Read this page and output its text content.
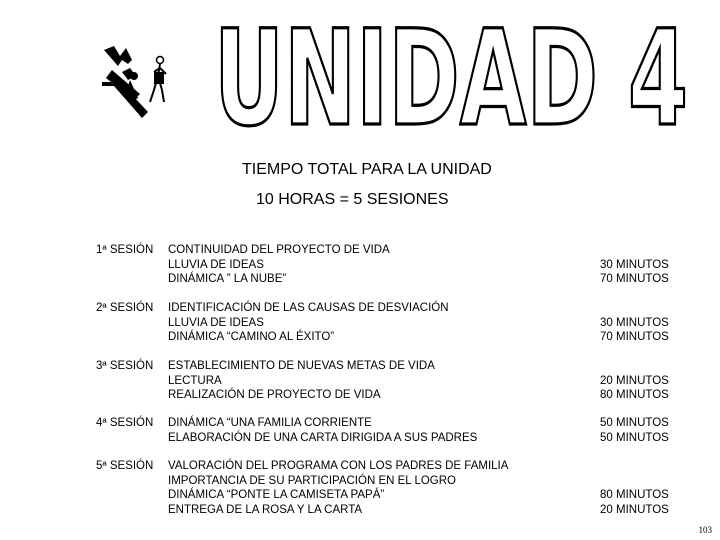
UNIDAD 4
TIEMPO TOTAL PARA LA UNIDAD
10 HORAS = 5 SESIONES
1ª SESIÓN CONTINUIDAD DEL PROYECTO DE VIDA
LLUVIA DE IDEAS
DINÁMICA ” LA NUBE”
30 MINUTOS
70 MINUTOS
2ª SESIÓN IDENTIFICACIÓN DE LAS CAUSAS DE DESVIACIÓN
LLUVIA DE IDEAS
DINÁMICA “CAMINO AL ÉXITO”
30 MINUTOS
70 MINUTOS
3ª SESIÓN ESTABLECIMIENTO DE NUEVAS METAS DE VIDA
LECTURA
REALIZACIÓN DE PROYECTO DE VIDA
20 MINUTOS
80 MINUTOS
4ª SESIÓN DINÁMICA “UNA FAMILIA CORRIENTE
ELABORACIÓN DE UNA CARTA DIRIGIDA A SUS PADRES
50 MINUTOS
50 MINUTOS
5ª SESIÓN VALORACIÓN DEL PROGRAMA CON LOS PADRES DE FAMILIA
IMPORTANCIA DE SU PARTICIPACIÓN EN EL LOGRO
DINÁMICA “PONTE LA CAMISETA PAPÁ”
ENTREGA DE LA ROSA Y LA CARTA
80 MINUTOS
20 MINUTOS
103
